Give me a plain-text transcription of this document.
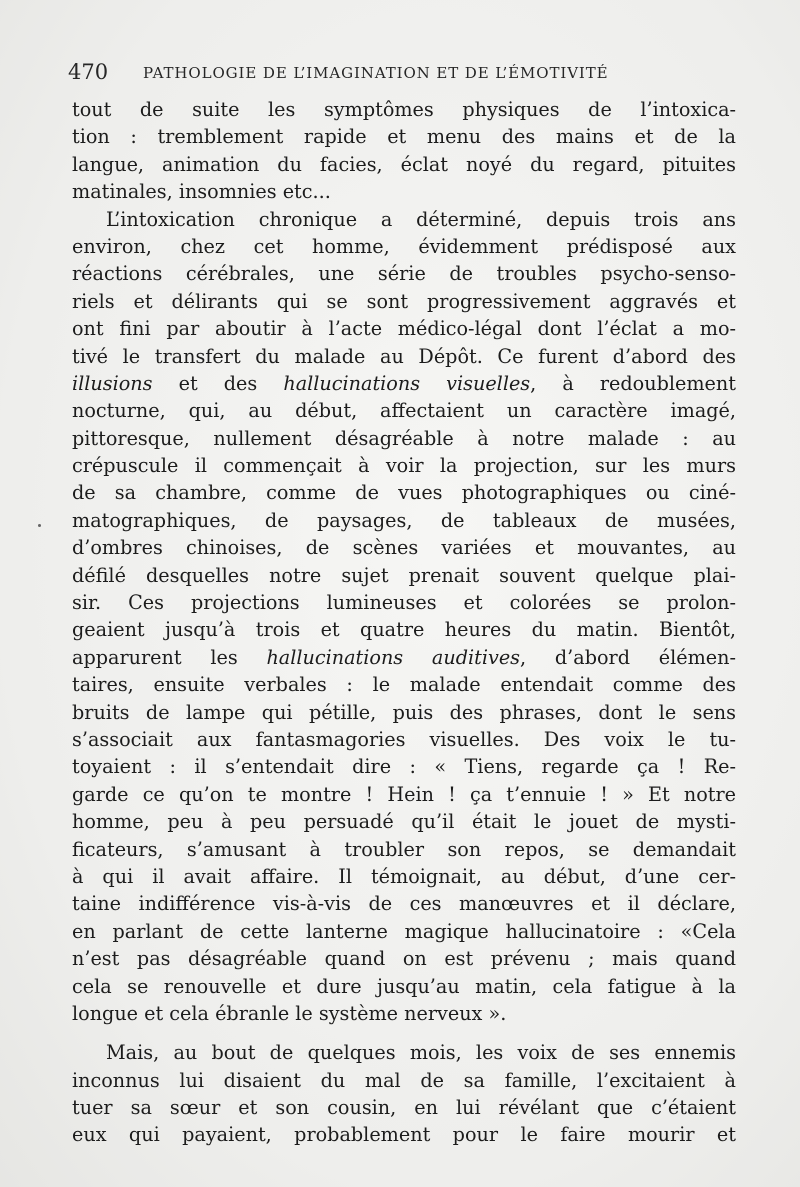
470 PATHOLOGIE DE L’IMAGINATION ET DE L’ÉMOTIVITÉ
tout de suite les symptômes physiques de l’intoxica-
tion : tremblement rapide et menu des mains et de la
langue, animation du facies, éclat noyé du regard, pituites
matinales, insomnies etc...
L’intoxication chronique a déterminé, depuis trois ans
environ, chez cet homme, évidemment prédisposé aux
réactions cérébrales, une série de troubles psycho-senso-
riels et délirants qui se sont progressivement aggravés et
ont fini par aboutir à l’acte médico-légal dont l’éclat a mo-
tivé le transfert du malade au Dépôt. Ce furent d’abord des
illusions et des hallucinations visuelles, à redoublement
nocturne, qui, au début, affectaient un caractère imagé,
pittoresque, nullement désagréable à notre malade : au
crépuscule il commençait à voir la projection, sur les murs
de sa chambre, comme de vues photographiques ou ciné-
matographiques, de paysages, de tableaux de musées,
d’ombres chinoises, de scènes variées et mouvantes, au
défilé desquelles notre sujet prenait souvent quelque plai-
sir. Ces projections lumineuses et colorées se prolon-
geaient jusqu’à trois et quatre heures du matin. Bientôt,
apparurent les hallucinations auditives, d’abord élémen-
taires, ensuite verbales : le malade entendait comme des
bruits de lampe qui pétille, puis des phrases, dont le sens
s’associait aux fantasmagories visuelles. Des voix le tu-
toyaient : il s’entendait dire : « Tiens, regarde ça ! Re-
garde ce qu’on te montre ! Hein ! ça t’ennuie ! » Et notre
homme, peu à peu persuadé qu’il était le jouet de mysti-
ficateurs, s’amusant à troubler son repos, se demandait
à qui il avait affaire. Il témoignait, au début, d’une cer-
taine indifférence vis-à-vis de ces manœuvres et il déclare,
en parlant de cette lanterne magique hallucinatoire : «Cela
n’est pas désagréable quand on est prévenu ; mais quand
cela se renouvelle et dure jusqu’au matin, cela fatigue à la
longue et cela ébranle le système nerveux ».
Mais, au bout de quelques mois, les voix de ses ennemis
inconnus lui disaient du mal de sa famille, l’excitaient à
tuer sa sœur et son cousin, en lui révélant que c’étaient
eux qui payaient, probablement pour le faire mourir et
